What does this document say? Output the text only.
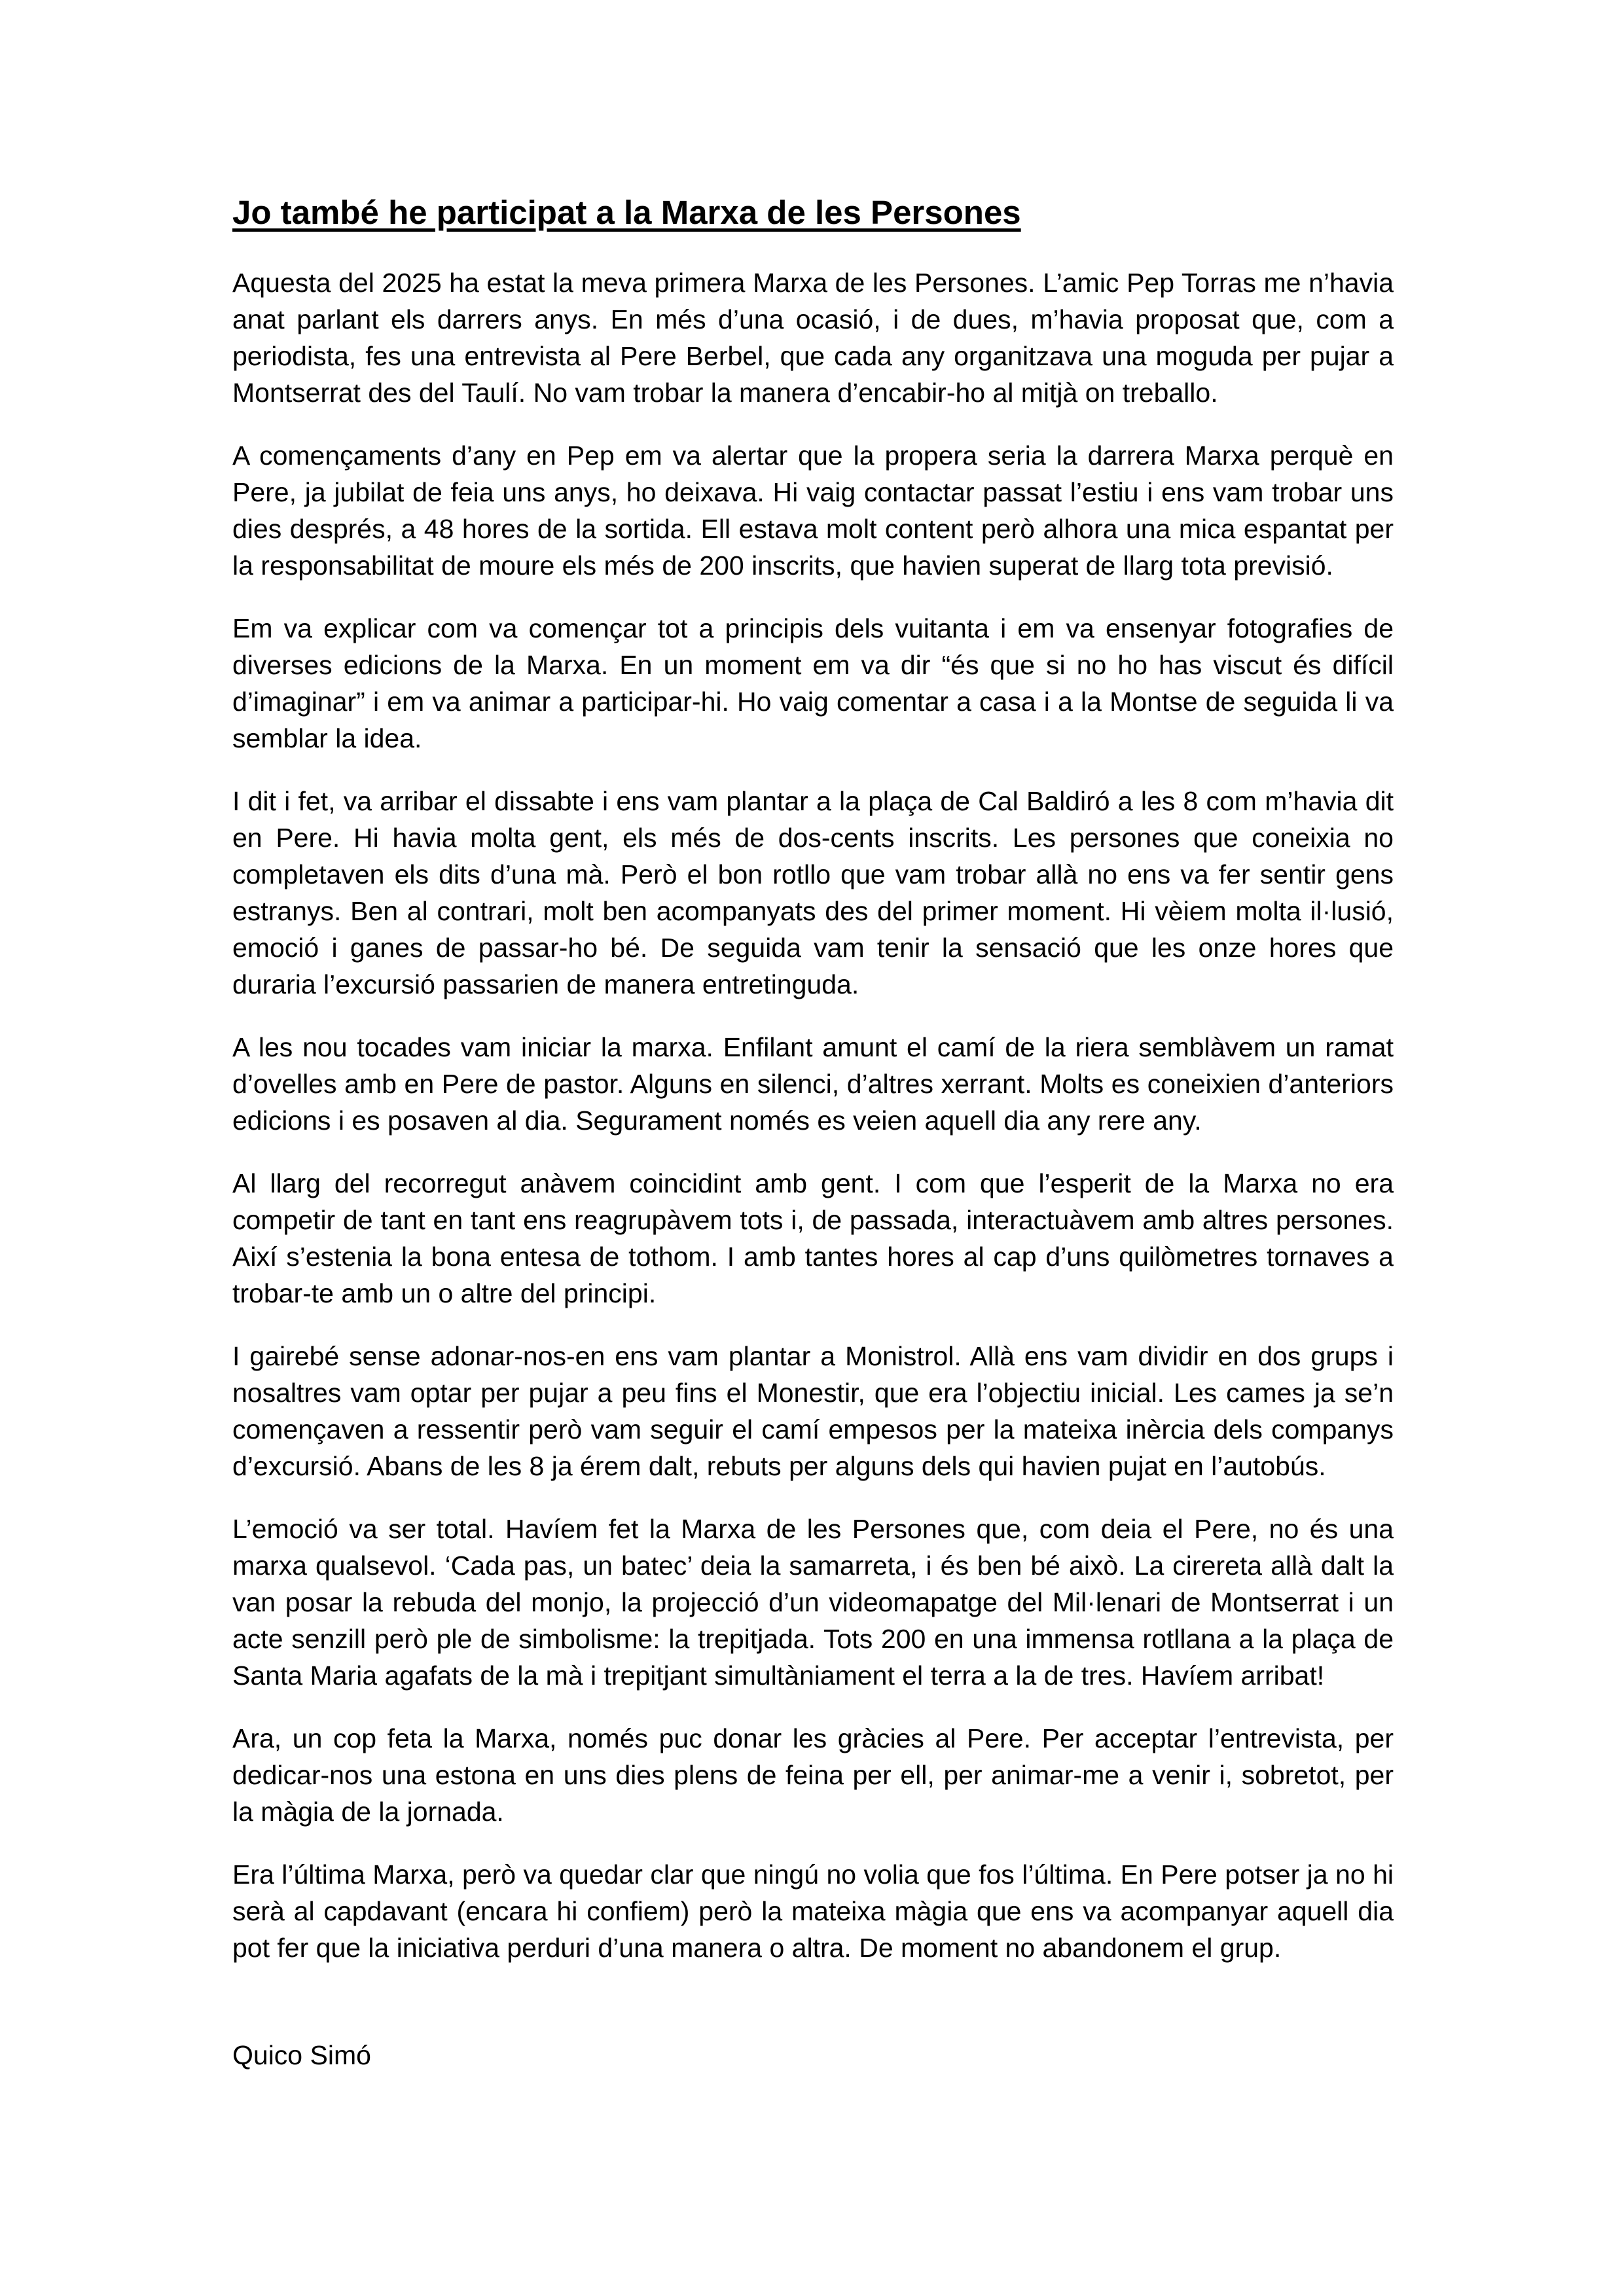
Jo també he participat a la Marxa de les Persones

Aquesta del 2025 ha estat la meva primera Marxa de les Persones. L’amic Pep Torras me n’havia anat parlant els darrers anys. En més d’una ocasió, i de dues, m’havia proposat que, com a periodista, fes una entrevista al Pere Berbel, que cada any organitzava una moguda per pujar a Montserrat des del Taulí. No vam trobar la manera d’encabir-ho al mitjà on treballo.

A començaments d’any en Pep em va alertar que la propera seria la darrera Marxa perquè en Pere, ja jubilat de feia uns anys, ho deixava. Hi vaig contactar passat l’estiu i ens vam trobar uns dies després, a 48 hores de la sortida. Ell estava molt content però alhora una mica espantat per la responsabilitat de moure els més de 200 inscrits, que havien superat de llarg tota previsió.

Em va explicar com va començar tot a principis dels vuitanta i em va ensenyar fotografies de diverses edicions de la Marxa. En un moment em va dir “és que si no ho has viscut és difícil d’imaginar” i em va animar a participar-hi. Ho vaig comentar a casa i a la Montse de seguida li va semblar la idea.

I dit i fet, va arribar el dissabte i ens vam plantar a la plaça de Cal Baldiró a les 8 com m’havia dit en Pere. Hi havia molta gent, els més de dos-cents inscrits. Les persones que coneixia no completaven els dits d’una mà. Però el bon rotllo que vam trobar allà no ens va fer sentir gens estranys. Ben al contrari, molt ben acompanyats des del primer moment. Hi vèiem molta il·lusió, emoció i ganes de passar-ho bé. De seguida vam tenir la sensació que les onze hores que duraria l’excursió passarien de manera entretinguda.

A les nou tocades vam iniciar la marxa. Enfilant amunt el camí de la riera semblàvem un ramat d’ovelles amb en Pere de pastor. Alguns en silenci, d’altres xerrant. Molts es coneixien d’anteriors edicions i es posaven al dia. Segurament només es veien aquell dia any rere any.

Al llarg del recorregut anàvem coincidint amb gent. I com que l’esperit de la Marxa no era competir de tant en tant ens reagrupàvem tots i, de passada, interactuàvem amb altres persones. Així s’estenia la bona entesa de tothom. I amb tantes hores al cap d’uns quilòmetres tornaves a trobar-te amb un o altre del principi.

I gairebé sense adonar-nos-en ens vam plantar a Monistrol. Allà ens vam dividir en dos grups i nosaltres vam optar per pujar a peu fins el Monestir, que era l’objectiu inicial. Les cames ja se’n començaven a ressentir però vam seguir el camí empesos per la mateixa inèrcia dels companys d’excursió. Abans de les 8 ja érem dalt, rebuts per alguns dels qui havien pujat en l’autobús.

L’emoció va ser total. Havíem fet la Marxa de les Persones que, com deia el Pere, no és una marxa qualsevol. ‘Cada pas, un batec’ deia la samarreta, i és ben bé això. La cirereta allà dalt la van posar la rebuda del monjo, la projecció d’un videomapatge del Mil·lenari de Montserrat i un acte senzill però ple de simbolisme: la trepitjada. Tots 200 en una immensa rotllana a la plaça de Santa Maria agafats de la mà i trepitjant simultàniament el terra a la de tres. Havíem arribat!

Ara, un cop feta la Marxa, només puc donar les gràcies al Pere. Per acceptar l’entrevista, per dedicar-nos una estona en uns dies plens de feina per ell, per animar-me a venir i, sobretot, per la màgia de la jornada.

Era l’última Marxa, però va quedar clar que ningú no volia que fos l’última. En Pere potser ja no hi serà al capdavant (encara hi confiem) però la mateixa màgia que ens va acompanyar aquell dia pot fer que la iniciativa perduri d’una manera o altra. De moment no abandonem el grup.

Quico Simó
